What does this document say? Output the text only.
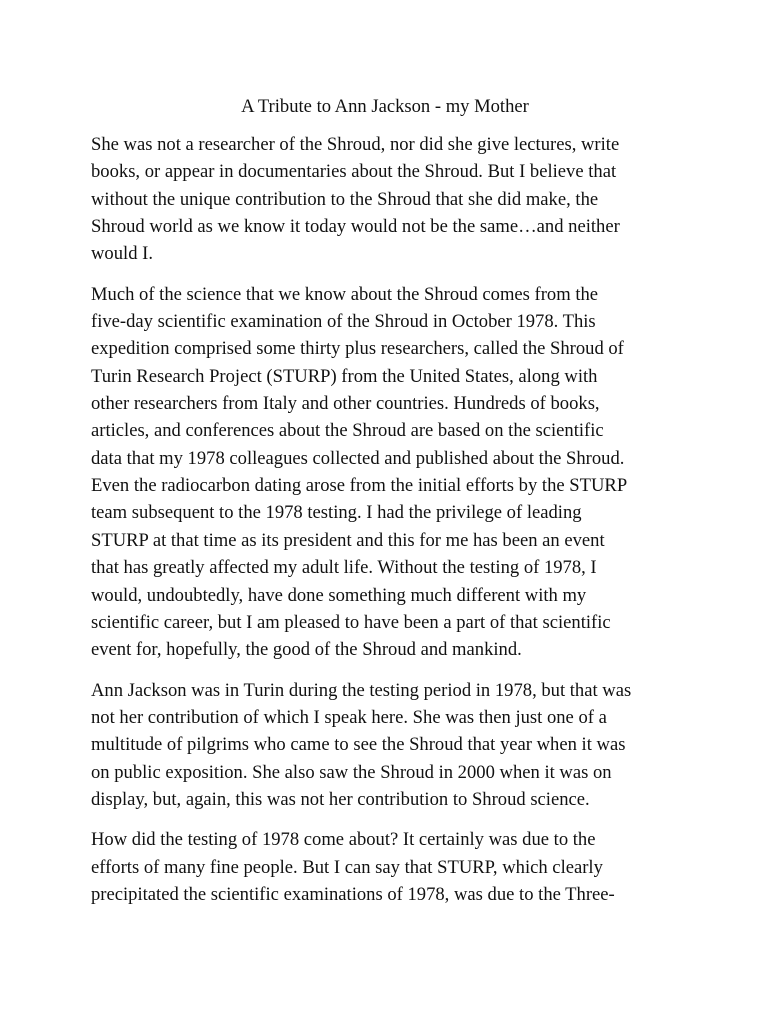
A Tribute to Ann Jackson - my Mother

She was not a researcher of the Shroud, nor did she give lectures, write
books, or appear in documentaries about the Shroud. But I believe that
without the unique contribution to the Shroud that she did make, the
Shroud world as we know it today would not be the same…and neither
would I.

Much of the science that we know about the Shroud comes from the
five-day scientific examination of the Shroud in October 1978. This
expedition comprised some thirty plus researchers, called the Shroud of
Turin Research Project (STURP) from the United States, along with
other researchers from Italy and other countries. Hundreds of books,
articles, and conferences about the Shroud are based on the scientific
data that my 1978 colleagues collected and published about the Shroud.
Even the radiocarbon dating arose from the initial efforts by the STURP
team subsequent to the 1978 testing. I had the privilege of leading
STURP at that time as its president and this for me has been an event
that has greatly affected my adult life. Without the testing of 1978, I
would, undoubtedly, have done something much different with my
scientific career, but I am pleased to have been a part of that scientific
event for, hopefully, the good of the Shroud and mankind.

Ann Jackson was in Turin during the testing period in 1978, but that was
not her contribution of which I speak here. She was then just one of a
multitude of pilgrims who came to see the Shroud that year when it was
on public exposition. She also saw the Shroud in 2000 when it was on
display, but, again, this was not her contribution to Shroud science.

How did the testing of 1978 come about? It certainly was due to the
efforts of many fine people. But I can say that STURP, which clearly
precipitated the scientific examinations of 1978, was due to the Three-
